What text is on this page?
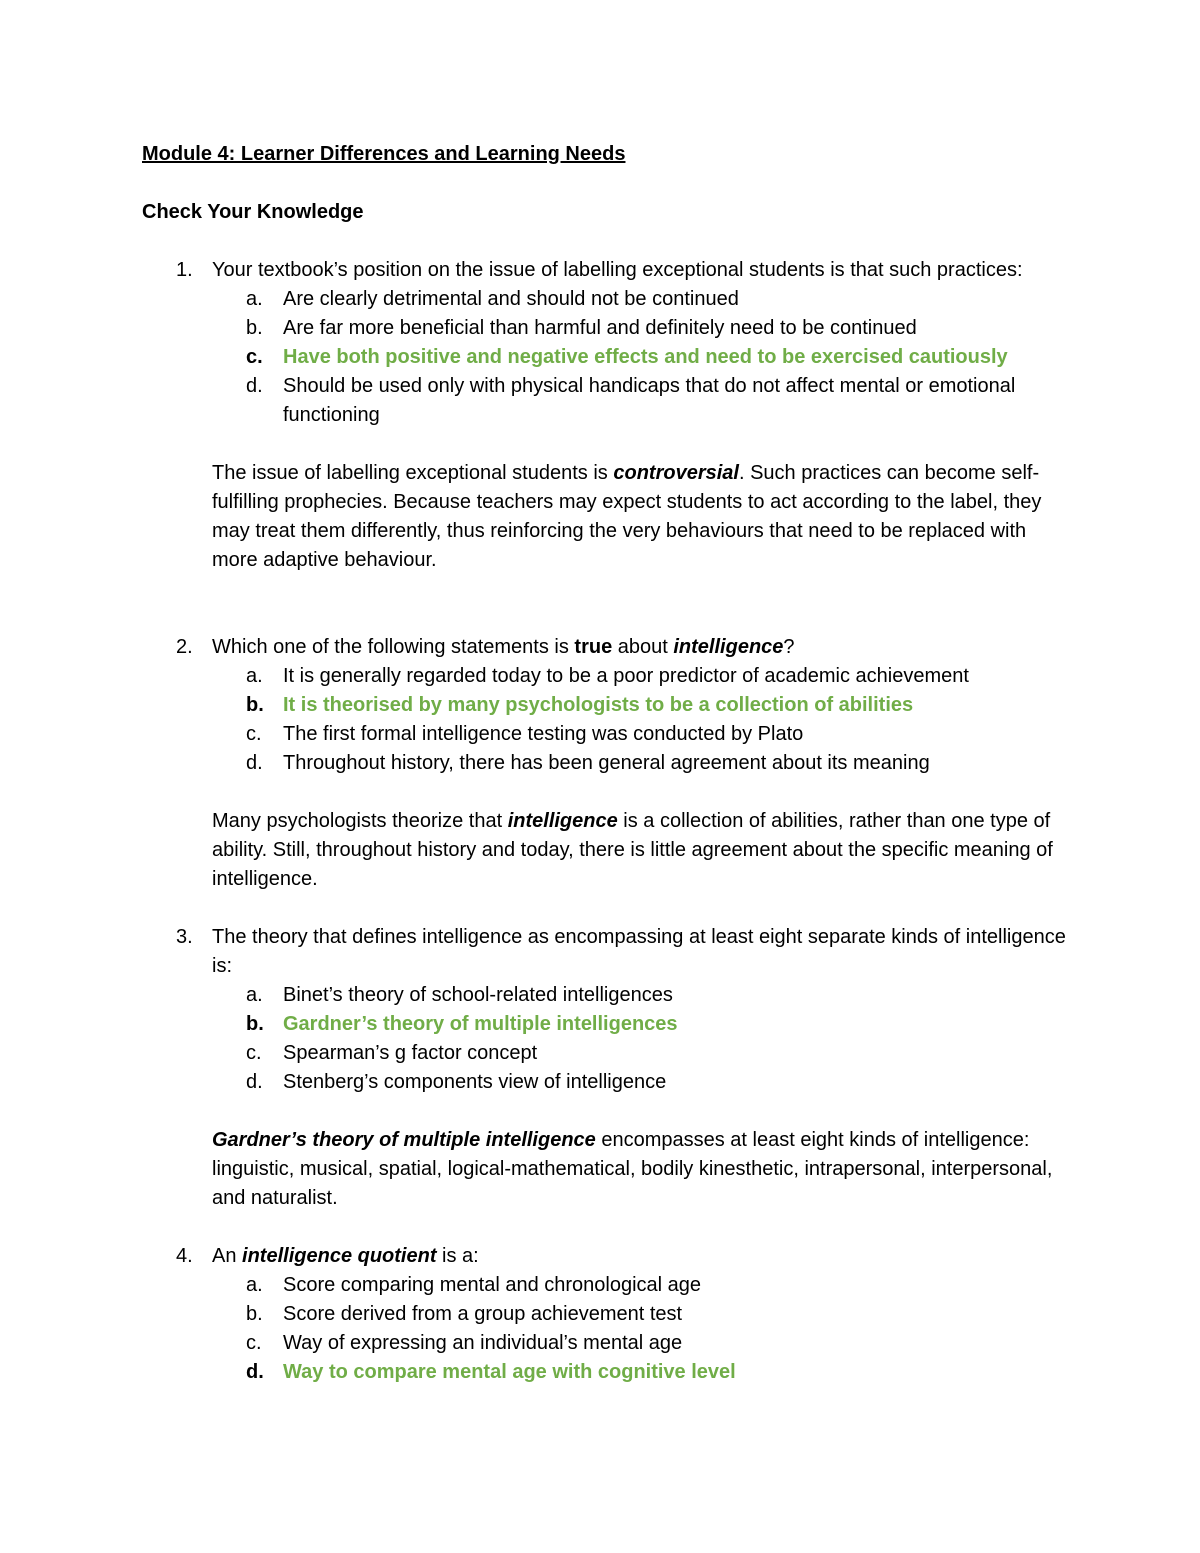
Module 4: Learner Differences and Learning Needs
Check Your Knowledge
1. Your textbook’s position on the issue of labelling exceptional students is that such practices:
a. Are clearly detrimental and should not be continued
b. Are far more beneficial than harmful and definitely need to be continued
c. Have both positive and negative effects and need to be exercised cautiously
d. Should be used only with physical handicaps that do not affect mental or emotional functioning

The issue of labelling exceptional students is controversial. Such practices can become self-fulfilling prophecies. Because teachers may expect students to act according to the label, they may treat them differently, thus reinforcing the very behaviours that need to be replaced with more adaptive behaviour.

2. Which one of the following statements is true about intelligence?
a. It is generally regarded today to be a poor predictor of academic achievement
b. It is theorised by many psychologists to be a collection of abilities
c. The first formal intelligence testing was conducted by Plato
d. Throughout history, there has been general agreement about its meaning

Many psychologists theorize that intelligence is a collection of abilities, rather than one type of ability. Still, throughout history and today, there is little agreement about the specific meaning of intelligence.

3. The theory that defines intelligence as encompassing at least eight separate kinds of intelligence is:
a. Binet’s theory of school-related intelligences
b. Gardner’s theory of multiple intelligences
c. Spearman’s g factor concept
d. Stenberg’s components view of intelligence

Gardner’s theory of multiple intelligence encompasses at least eight kinds of intelligence: linguistic, musical, spatial, logical-mathematical, bodily kinesthetic, intrapersonal, interpersonal, and naturalist.

4. An intelligence quotient is a:
a. Score comparing mental and chronological age
b. Score derived from a group achievement test
c. Way of expressing an individual’s mental age
d. Way to compare mental age with cognitive level
